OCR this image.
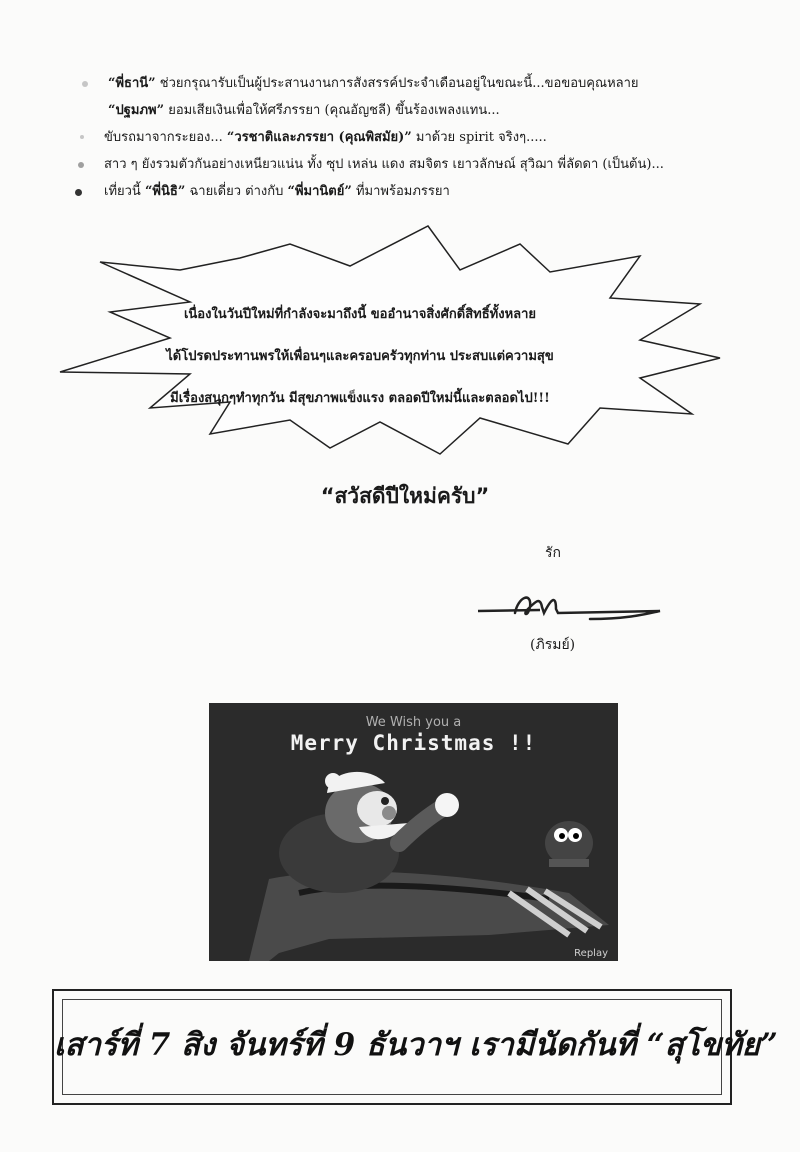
“พี่ธานี” ช่วยกรุณารับเป็นผู้ประสานงานการสังสรรค์ประจำเดือนอยู่ในขณะนี้...ขอขอบคุณหลาย
“ปฐมภพ” ยอมเสียเงินเพื่อให้ศรีภรรยา (คุณอัญชลี) ขึ้นร้องเพลงแทน...
ขับรถมาจากระยอง... “วรชาติและภรรยา (คุณพิสมัย)” มาด้วย spirit จริงๆ.....
สาว ๆ ยังรวมตัวกันอย่างเหนียวแน่น ทั้ง ซุป เหล่น แดง สมจิตร เยาวลักษณ์ สุวิฌา พี่ลัดดา (เป็นต้น)...
เที่ยวนี้ “พี่นิธิ” ฉายเดี่ยว ต่างกับ “พี่มานิตย์” ที่มาพร้อมภรรยา
เนื่องในวันปีใหม่ที่กำลังจะมาถึงนี้ ขออำนาจสิ่งศักดิ์สิทธิ์ทั้งหลาย
ได้โปรดประทานพรให้เพื่อนๆและครอบครัวทุกท่าน ประสบแต่ความสุข
มีเรื่องสนุกๆทำทุกวัน มีสุขภาพแข็งแรง ตลอดปีใหม่นี้และตลอดไป!!!
“สวัสดีปีใหม่ครับ”
รัก
(ภิรมย์)
We Wish you a
Merry Christmas !!
Replay
เสาร์ที่ 7 สิง จันทร์ที่ 9 ธันวาฯ เรามีนัดกันที่ “สุโขทัย”
